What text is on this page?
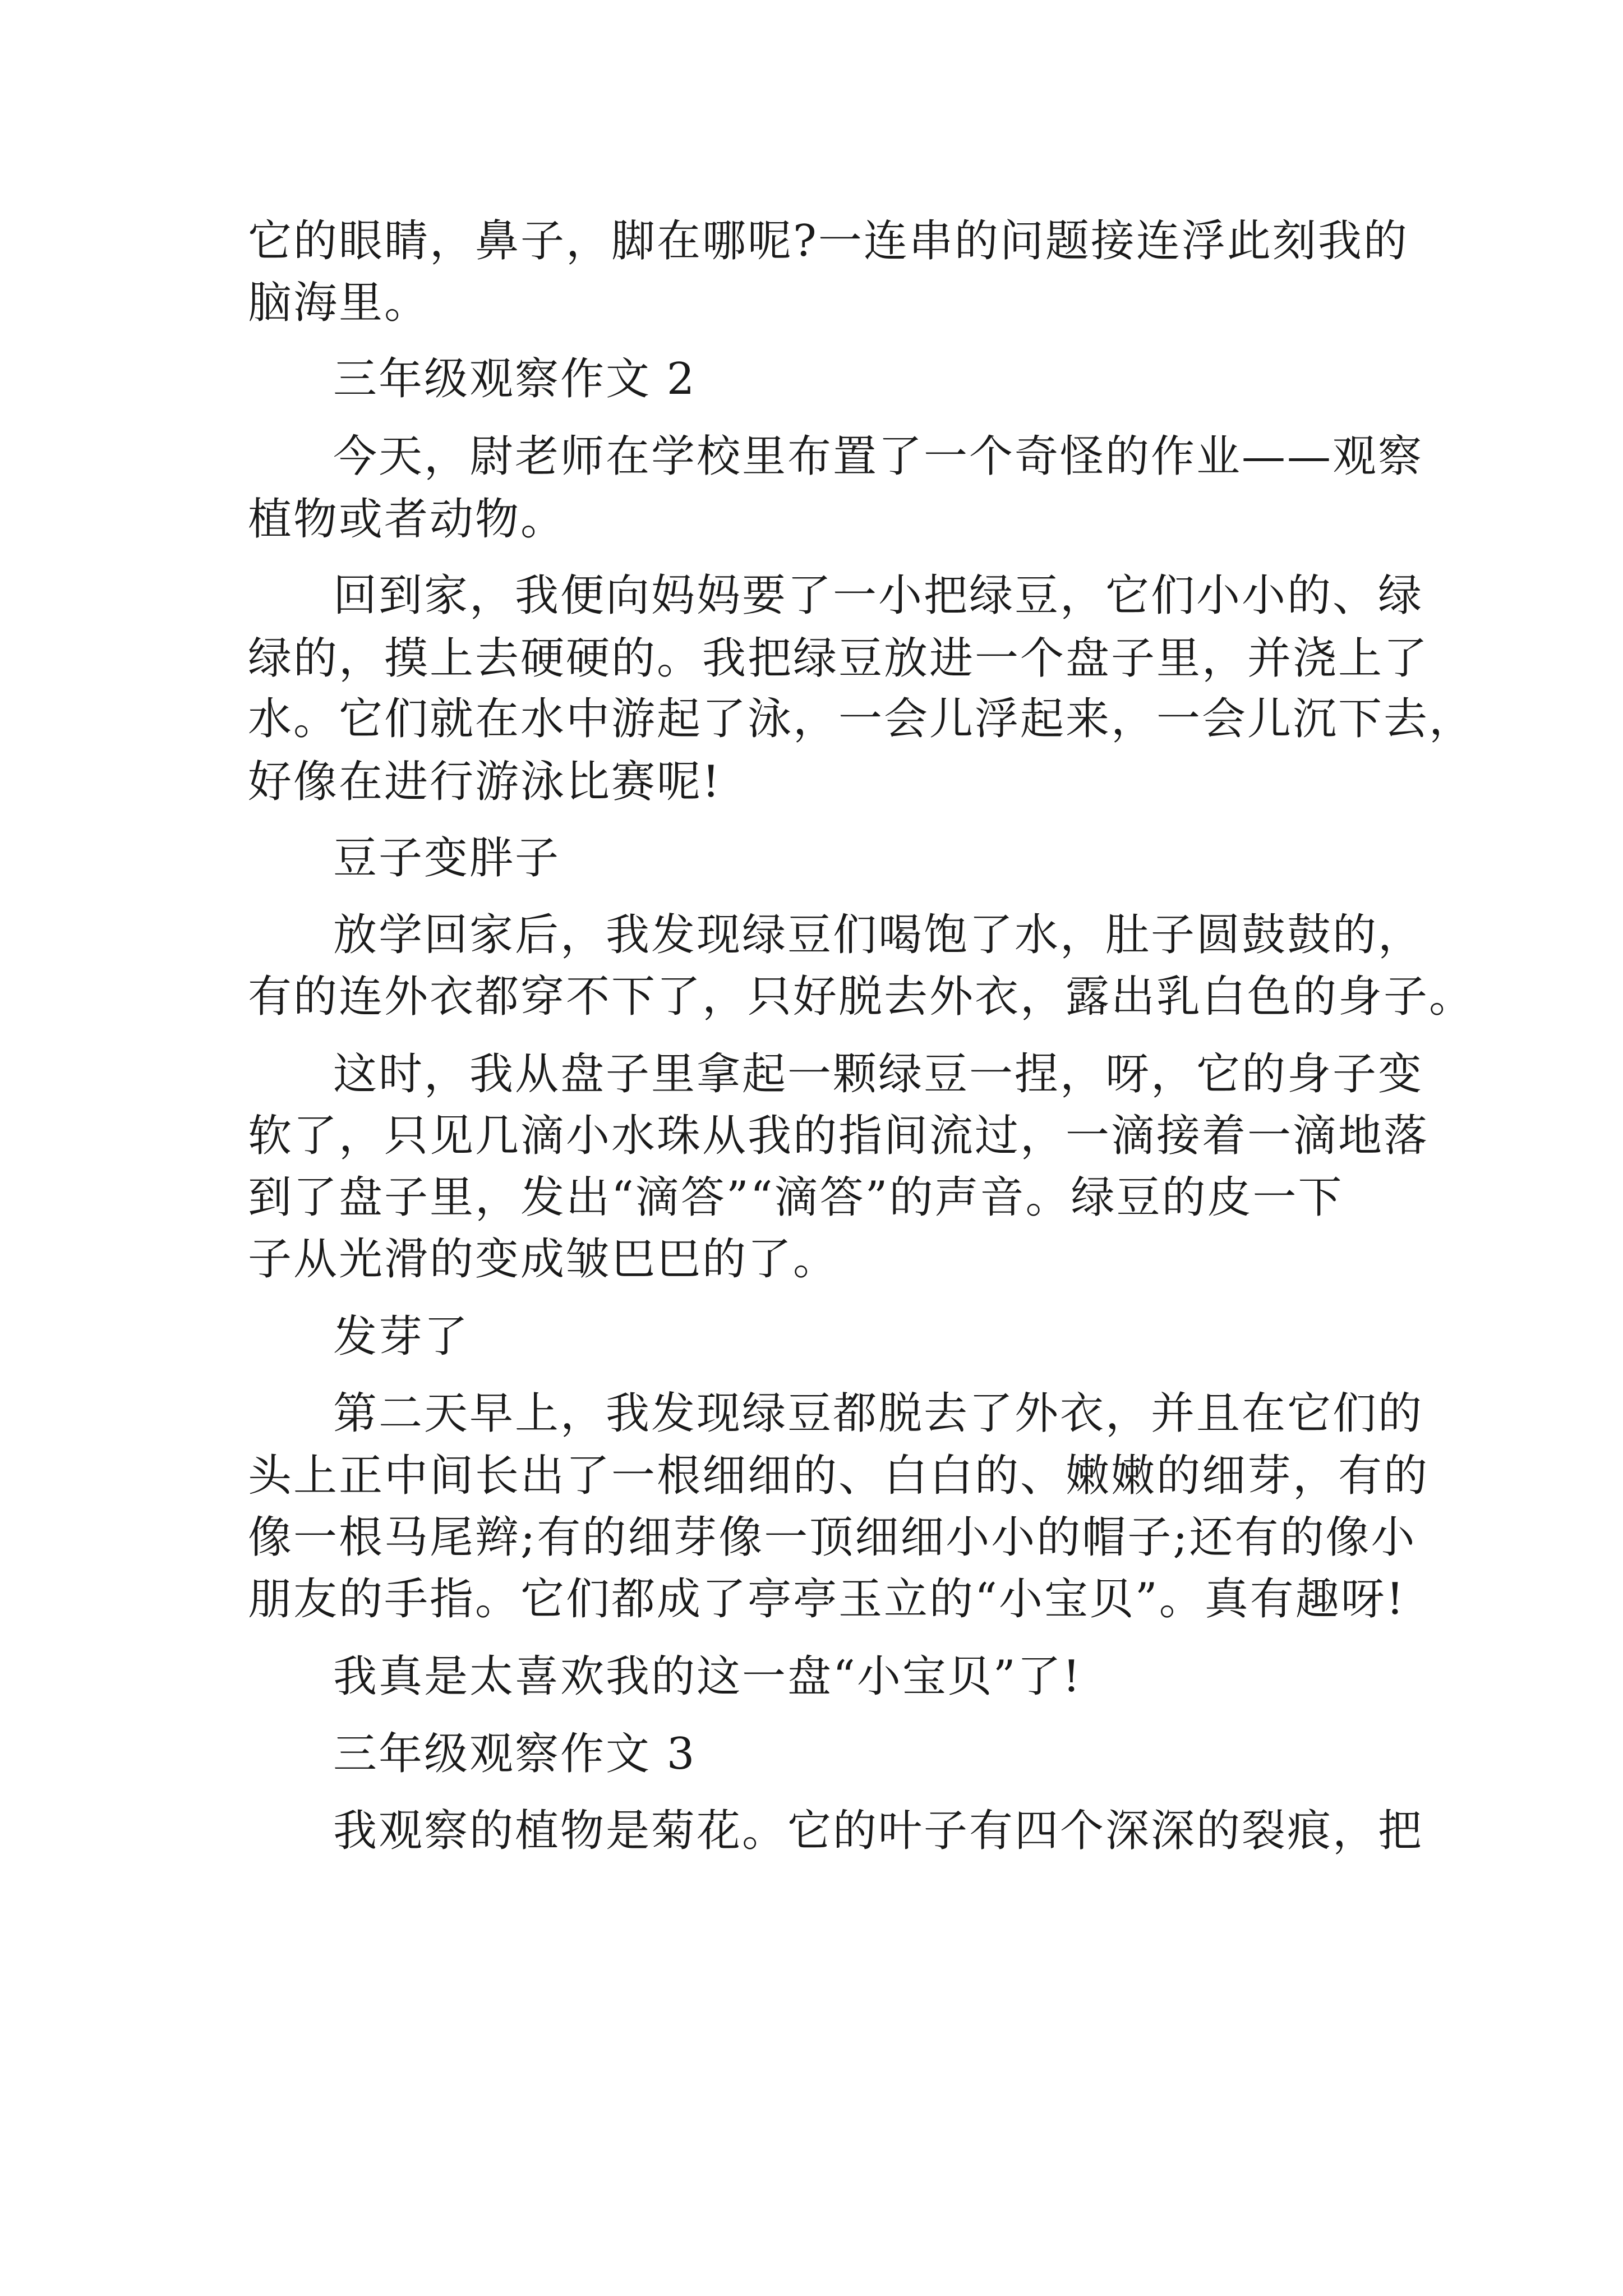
它的眼睛，鼻子，脚在哪呢?一连串的问题接连浮此刻我的
脑海里。
三年级观察作文 2
今天，尉老师在学校里布置了一个奇怪的作业——观察
植物或者动物。
回到家，我便向妈妈要了一小把绿豆，它们小小的、绿
绿的，摸上去硬硬的。我把绿豆放进一个盘子里，并浇上了
水。它们就在水中游起了泳，一会儿浮起来，一会儿沉下去，
好像在进行游泳比赛呢!
豆子变胖子
放学回家后，我发现绿豆们喝饱了水，肚子圆鼓鼓的，
有的连外衣都穿不下了，只好脱去外衣，露出乳白色的身子。
这时，我从盘子里拿起一颗绿豆一捏，呀，它的身子变
软了，只见几滴小水珠从我的指间流过，一滴接着一滴地落
到了盘子里，发出“滴答”“滴答”的声音。绿豆的皮一下
子从光滑的变成皱巴巴的了。
发芽了
第二天早上，我发现绿豆都脱去了外衣，并且在它们的
头上正中间长出了一根细细的、白白的、嫩嫩的细芽，有的
像一根马尾辫;有的细芽像一顶细细小小的帽子;还有的像小
朋友的手指。它们都成了亭亭玉立的“小宝贝”。真有趣呀!
我真是太喜欢我的这一盘“小宝贝”了!
三年级观察作文 3
我观察的植物是菊花。它的叶子有四个深深的裂痕，把
